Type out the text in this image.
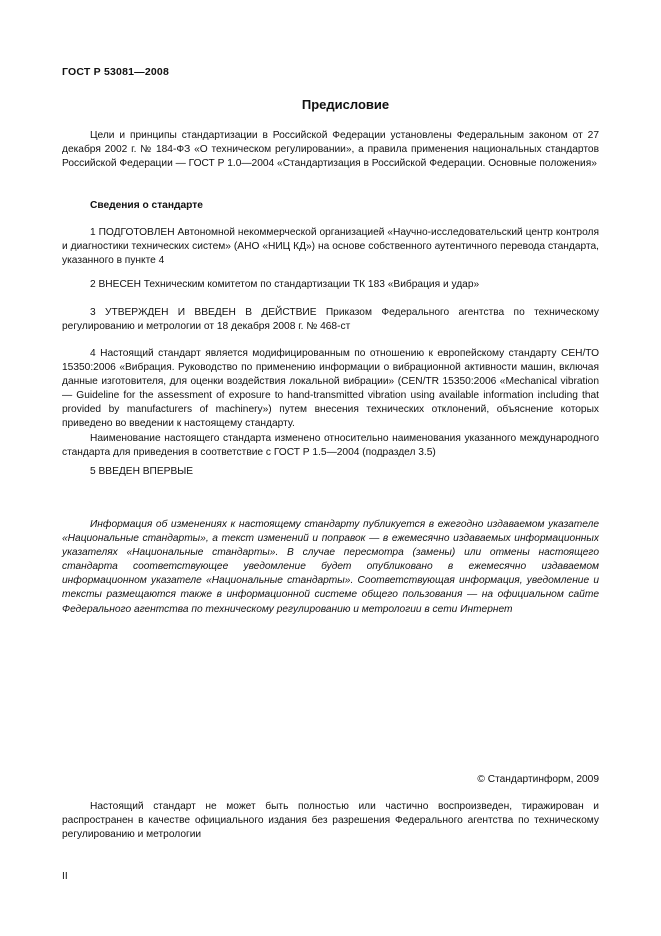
ГОСТ Р 53081—2008
Предисловие

Цели и принципы стандартизации в Российской Федерации установлены Федеральным законом от 27 декабря 2002 г. № 184-ФЗ «О техническом регулировании», а правила применения национальных стандартов Российской Федерации — ГОСТ Р 1.0—2004 «Стандартизация в Российской Федерации. Основные положения»

Сведения о стандарте

1 ПОДГОТОВЛЕН Автономной некоммерческой организацией «Научно-исследовательский центр контроля и диагностики технических систем» (АНО «НИЦ КД») на основе собственного аутентичного перевода стандарта, указанного в пункте 4

2 ВНЕСЕН Техническим комитетом по стандартизации ТК 183 «Вибрация и удар»

3 УТВЕРЖДЕН И ВВЕДЕН В ДЕЙСТВИЕ Приказом Федерального агентства по техническому регулированию и метрологии от 18 декабря 2008 г. № 468-ст

4 Настоящий стандарт является модифицированным по отношению к европейскому стандарту СЕН/ТО 15350:2006 «Вибрация. Руководство по применению информации о вибрационной активности машин, включая данные изготовителя, для оценки воздействия локальной вибрации» (CEN/TR 15350:2006 «Mechanical vibration — Guideline for the assessment of exposure to hand-transmitted vibration using available information including that provided by manufacturers of machinery») путем внесения технических отклонений, объяснение которых приведено во введении к настоящему стандарту.

Наименование настоящего стандарта изменено относительно наименования указанного международного стандарта для приведения в соответствие с ГОСТ Р 1.5—2004 (подраздел 3.5)

5 ВВЕДЕН ВПЕРВЫЕ

Информация об изменениях к настоящему стандарту публикуется в ежегодно издаваемом указателе «Национальные стандарты», а текст изменений и поправок — в ежемесячно издаваемых информационных указателях «Национальные стандарты». В случае пересмотра (замены) или отмены настоящего стандарта соответствующее уведомление будет опубликовано в ежемесячно издаваемом информационном указателе «Национальные стандарты». Соответствующая информация, уведомление и тексты размещаются также в информационной системе общего пользования — на официальном сайте Федерального агентства по техническому регулированию и метрологии в сети Интернет

© Стандартинформ, 2009

Настоящий стандарт не может быть полностью или частично воспроизведен, тиражирован и распространен в качестве официального издания без разрешения Федерального агентства по техническому регулированию и метрологии

II
